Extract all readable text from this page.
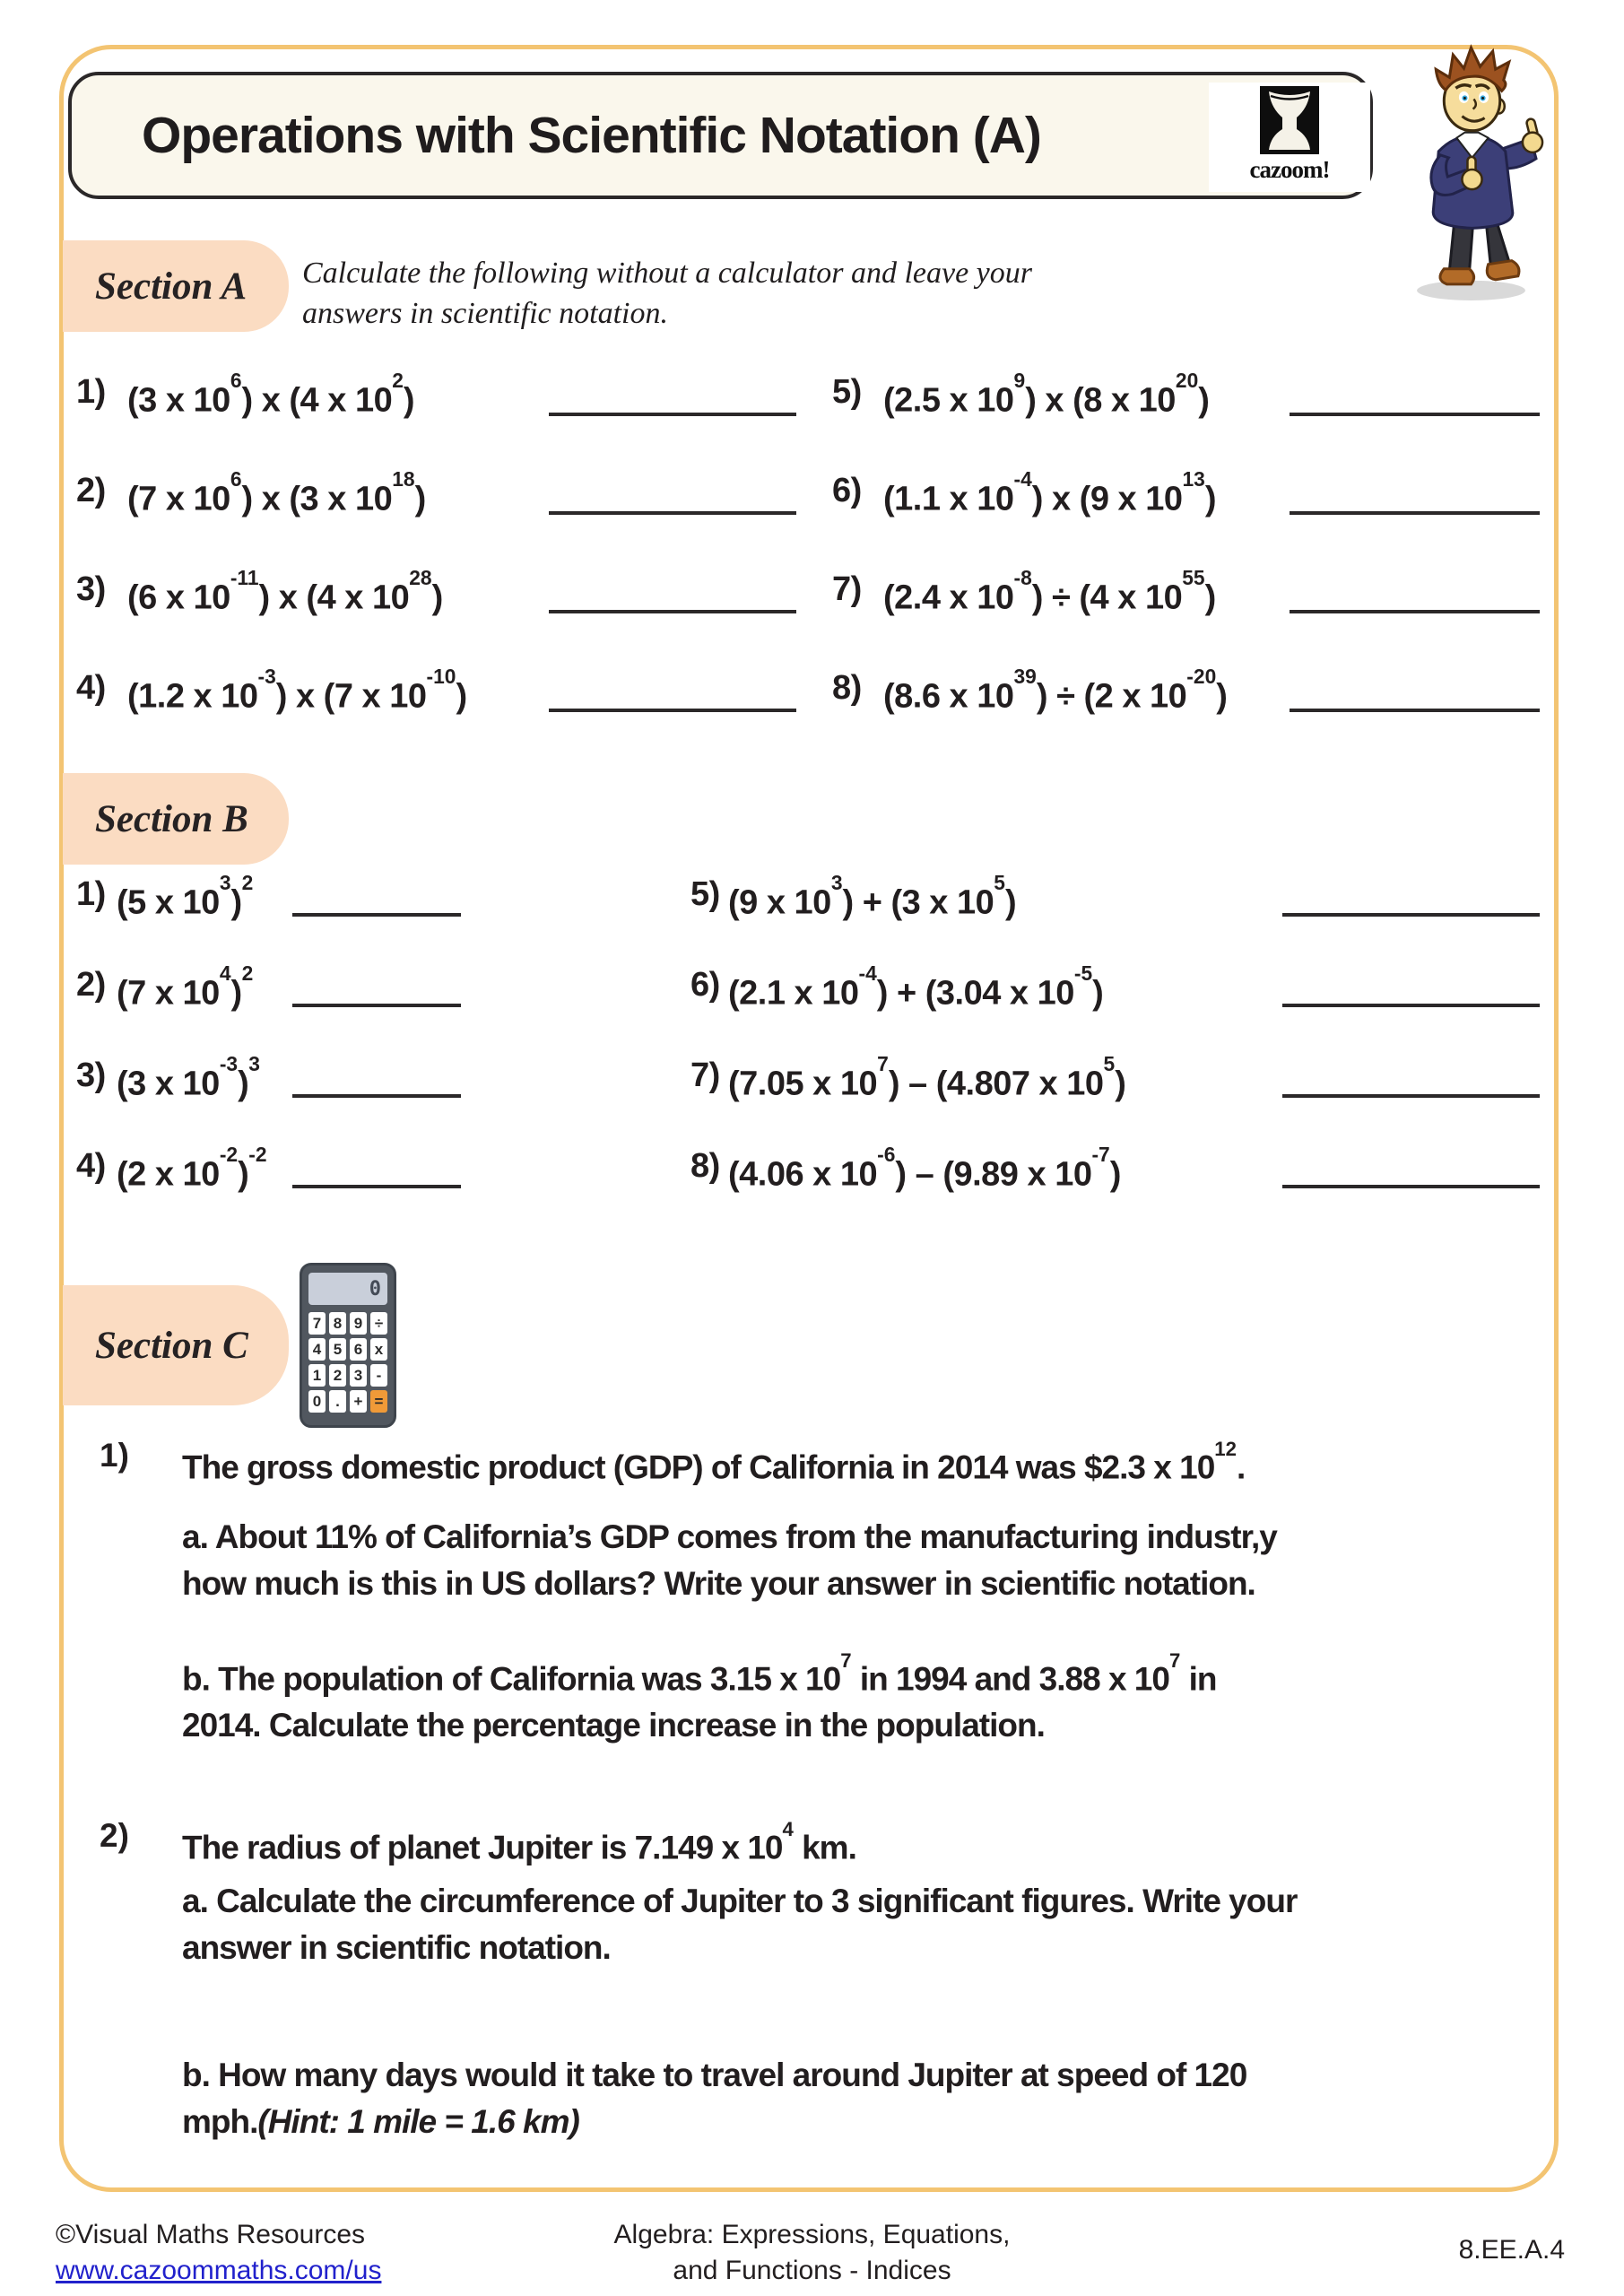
Operations with Scientific Notation (A)
cazoom!
Section A Calculate the following without a calculator and leave your
answers in scientific notation.
1) (3 x $10^6$) x (4 x $10^2$)
2) (7 x $10^6$) x (3 x $10^{18}$)
3) (6 x $10^{-11}$) x (4 x $10^{28}$)
4) (1.2 x $10^{-3}$) x (7 x $10^{-10}$)
5) (2.5 x $10^9$) x (8 x $10^{20}$)
6) (1.1 x $10^{-4}$) x (9 x $10^{13}$)
7) (2.4 x $10^{-8}) \div (4$ x $10^{55}$)
8) (8.6 x $10^{39}) \div (2$ x $10^{-20}$)
Section B
1) (5 x $10^3)^2$
2) (7 x $10^4)^2$
3) (3 x $10^{-3})^3$
4) (2 x $10^{-2})^{-2}$
5) (9 x $10^3) + (3$ x $10^5$)
6) (2.1 x $10^{-4}) + (3.04$ x $10^{-5}$)
7) (7.05 x $10^7) - (4.807$ x $10^5$)
8) (4.06 x $10^{-6}) - (9.89$ x $10^{-7}$)
Section C
0
7 8 9 ÷
4 5 6 x
1 2 3 -
0 . + =
1) The gross domestic product (GDP) of California in 2014 was $2.3 x $10^{12}$.
a. About 11% of California’s GDP comes from the manufacturing industr,y
how much is this in US dollars? Write your answer in scientific notation.
b. The population of California was 3.15 x $10^7$ in 1994 and 3.88 x $10^7$ in
2014. Calculate the percentage increase in the population.
2) The radius of planet Jupiter is 7.149 x $10^4$ km.
a. Calculate the circumference of Jupiter to 3 significant figures. Write your
answer in scientific notation.
b. How many days would it take to travel around Jupiter at speed of 120
mph.(Hint: 1 mile = 1.6 km)
©Visual Maths Resources
www.cazoommaths.com/us
Algebra: Expressions, Equations,
and Functions - Indices
8.EE.A.4
